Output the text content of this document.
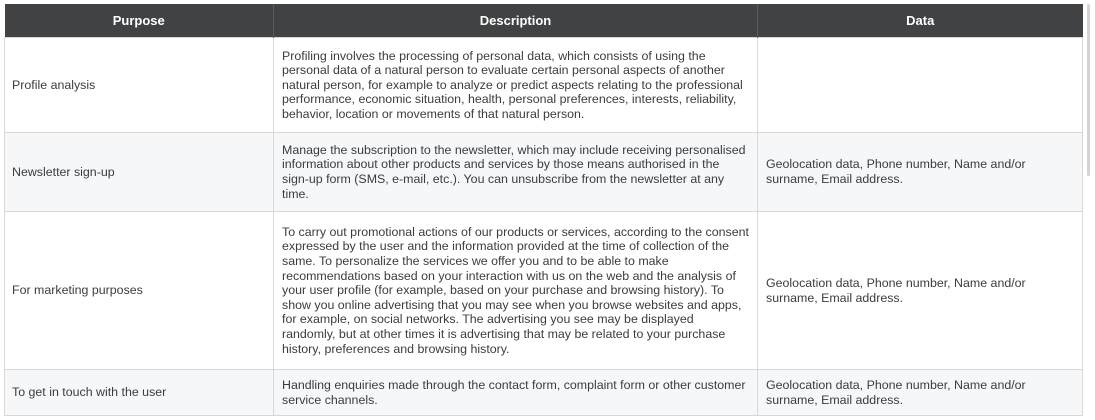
Purpose	Description	Data
Profile analysis	Profiling involves the processing of personal data, which consists of using the personal data of a natural person to evaluate certain personal aspects of another natural person, for example to analyze or predict aspects relating to the professional performance, economic situation, health, personal preferences, interests, reliability, behavior, location or movements of that natural person.	
Newsletter sign-up	Manage the subscription to the newsletter, which may include receiving personalised information about other products and services by those means authorised in the sign-up form (SMS, e-mail, etc.). You can unsubscribe from the newsletter at any time.	Geolocation data, Phone number, Name and/or surname, Email address.
For marketing purposes	To carry out promotional actions of our products or services, according to the consent expressed by the user and the information provided at the time of collection of the same. To personalize the services we offer you and to be able to make recommendations based on your interaction with us on the web and the analysis of your user profile (for example, based on your purchase and browsing history). To show you online advertising that you may see when you browse websites and apps, for example, on social networks. The advertising you see may be displayed randomly, but at other times it is advertising that may be related to your purchase history, preferences and browsing history.	Geolocation data, Phone number, Name and/or surname, Email address.
To get in touch with the user	Handling enquiries made through the contact form, complaint form or other customer service channels.	Geolocation data, Phone number, Name and/or surname, Email address.
